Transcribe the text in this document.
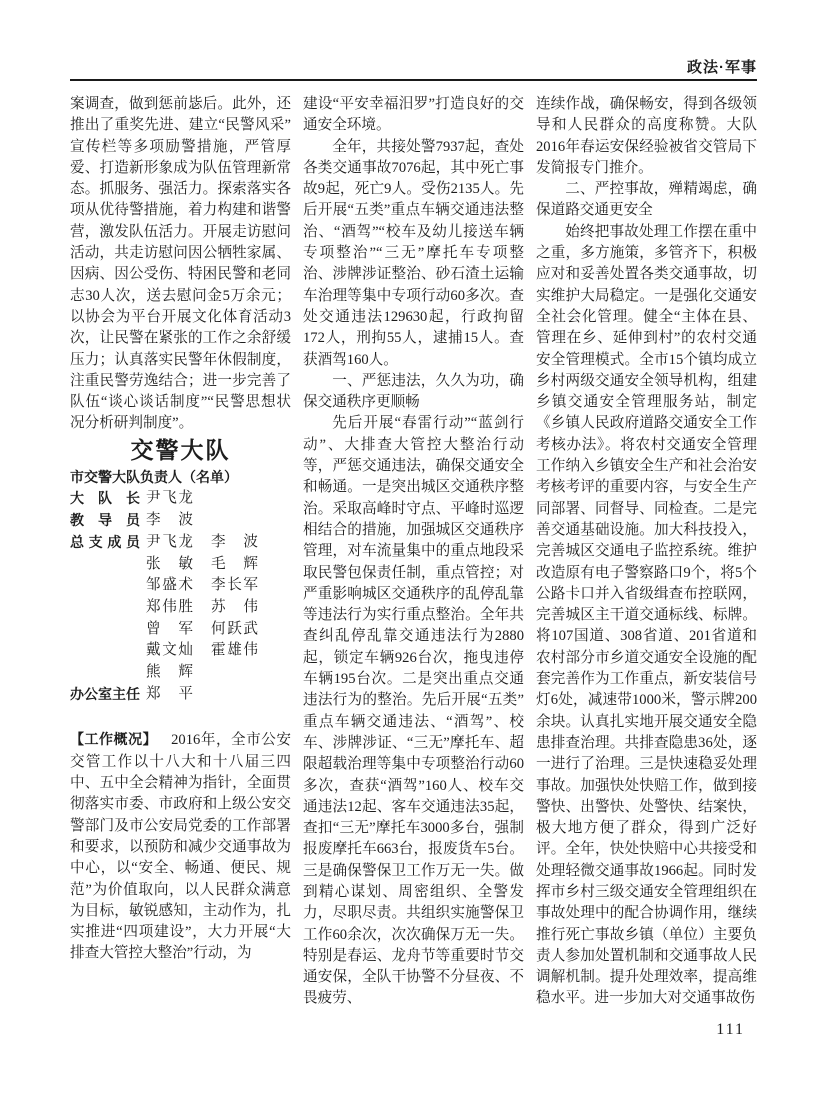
政法·军事

案调查，做到惩前毖后。此外，还推出了重奖先进、建立“民警风采”宣传栏等多项励警措施，严管厚爱、打造新形象成为队伍管理新常态。抓服务、强活力。探索落实各项从优待警措施，着力构建和谐警营，激发队伍活力。开展走访慰问活动，共走访慰问因公牺牲家属、因病、因公受伤、特困民警和老同志30人次，送去慰问金5万余元；以协会为平台开展文化体育活动3次，让民警在紧张的工作之余舒缓压力；认真落实民警年休假制度，注重民警劳逸结合；进一步完善了队伍“谈心谈话制度”“民警思想状况分析研判制度”。

交警大队

市交警大队负责人（名单）
大队长 尹飞龙
教导员 李波
总支成员 尹飞龙 李波
张敏 毛辉
邹盛术 李长军
郑伟胜 苏伟
曾军 何跃武
戴文灿 霍雄伟
熊辉
办公室主任 郑平

【工作概况】 2016年，全市公安交管工作以十八大和十八届三四中、五中全会精神为指针，全面贯彻落实市委、市政府和上级公安交警部门及市公安局党委的工作部署和要求，以预防和减少交通事故为中心，以“安全、畅通、便民、规范”为价值取向，以人民群众满意为目标，敏锐感知，主动作为，扎实推进“四项建设”，大力开展“大排查大管控大整治”行动，为

建设“平安幸福汨罗”打造良好的交通安全环境。

全年，共接处警7937起，查处各类交通事故7076起，其中死亡事故9起，死亡9人。受伤2135人。先后开展“五类”重点车辆交通违法整治、“酒驾”“校车及幼儿接送车辆专项整治”“三无”摩托车专项整治、涉牌涉证整治、砂石渣土运输车治理等集中专项行动60多次。查处交通违法129630起，行政拘留172人，刑拘55人，逮捕15人。查获酒驾160人。

一、严惩违法，久久为功，确保交通秩序更顺畅

先后开展“春雷行动”“蓝剑行动”、大排查大管控大整治行动等，严惩交通违法，确保交通安全和畅通。一是突出城区交通秩序整治。采取高峰时守点、平峰时巡逻相结合的措施，加强城区交通秩序管理，对车流量集中的重点地段采取民警包保责任制，重点管控；对严重影响城区交通秩序的乱停乱靠等违法行为实行重点整治。全年共查纠乱停乱靠交通违法行为2880起，锁定车辆926台次，拖曳违停车辆195台次。二是突出重点交通违法行为的整治。先后开展“五类”重点车辆交通违法、“酒驾”、校车、涉牌涉证、“三无”摩托车、超限超载治理等集中专项整治行动60多次，查获“酒驾”160人、校车交通违法12起、客车交通违法35起，查扣“三无”摩托车3000多台，强制报废摩托车663台，报废货车5台。三是确保警保卫工作万无一失。做到精心谋划、周密组织、全警发力，尽职尽责。共组织实施警保卫工作60余次，次次确保万无一失。特别是春运、龙舟节等重要时节交通安保，全队干协警不分昼夜、不畏疲劳、

连续作战，确保畅安，得到各级领导和人民群众的高度称赞。大队2016年春运安保经验被省交管局下发简报专门推介。

二、严控事故，殚精竭虑，确保道路交通更安全

始终把事故处理工作摆在重中之重，多方施策，多管齐下，积极应对和妥善处置各类交通事故，切实维护大局稳定。一是强化交通安全社会化管理。健全“主体在县、管理在乡、延伸到村”的农村交通安全管理模式。全市15个镇均成立乡村两级交通安全领导机构，组建乡镇交通安全管理服务站，制定《乡镇人民政府道路交通安全工作考核办法》。将农村交通安全管理工作纳入乡镇安全生产和社会治安考核考评的重要内容，与安全生产同部署、同督导、同检查。二是完善交通基础设施。加大科技投入，完善城区交通电子监控系统。维护改造原有电子警察路口9个，将5个公路卡口并入省级缉查布控联网，完善城区主干道交通标线、标牌。将107国道、308省道、201省道和农村部分市乡道交通安全设施的配套完善作为工作重点，新安装信号灯6处，减速带1000米，警示牌200余块。认真扎实地开展交通安全隐患排查治理。共排查隐患36处，逐一进行了治理。三是快速稳妥处理事故。加强快处快赔工作，做到接警快、出警快、处警快、结案快，极大地方便了群众，得到广泛好评。全年，快处快赔中心共接受和处理轻微交通事故1966起。同时发挥市乡村三级交通安全管理组织在事故处理中的配合协调作用，继续推行死亡事故乡镇（单位）主要负责人参加处置机制和交通事故人民调解机制。提升处理效率，提高维稳水平。进一步加大对交通事故伤

111
